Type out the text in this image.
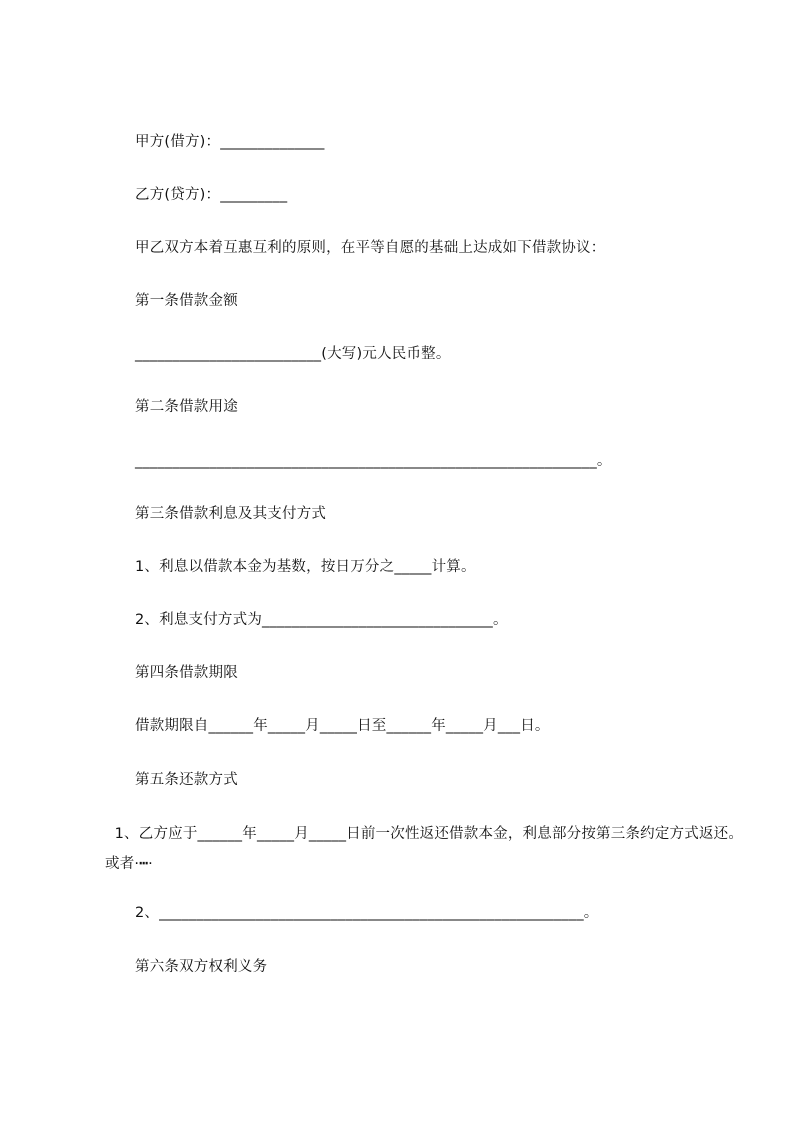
甲方(借方)：______________
乙方(贷方)：_________
甲乙双方本着互惠互利的原则，在平等自愿的基础上达成如下借款协议：
第一条借款金额
_________________________(大写)元人民币整。
第二条借款用途
______________________________________________________________。
第三条借款利息及其支付方式
1、利息以借款本金为基数，按日万分之_____计算。
2、利息支付方式为_______________________________。
第四条借款期限
借款期限自______年_____月_____日至______年_____月___日。
第五条还款方式
1、乙方应于______年_____月_____日前一次性返还借款本金，利息部分按第三条约定方式返还。或者·┅·
2、_________________________________________________________。
第六条双方权利义务
